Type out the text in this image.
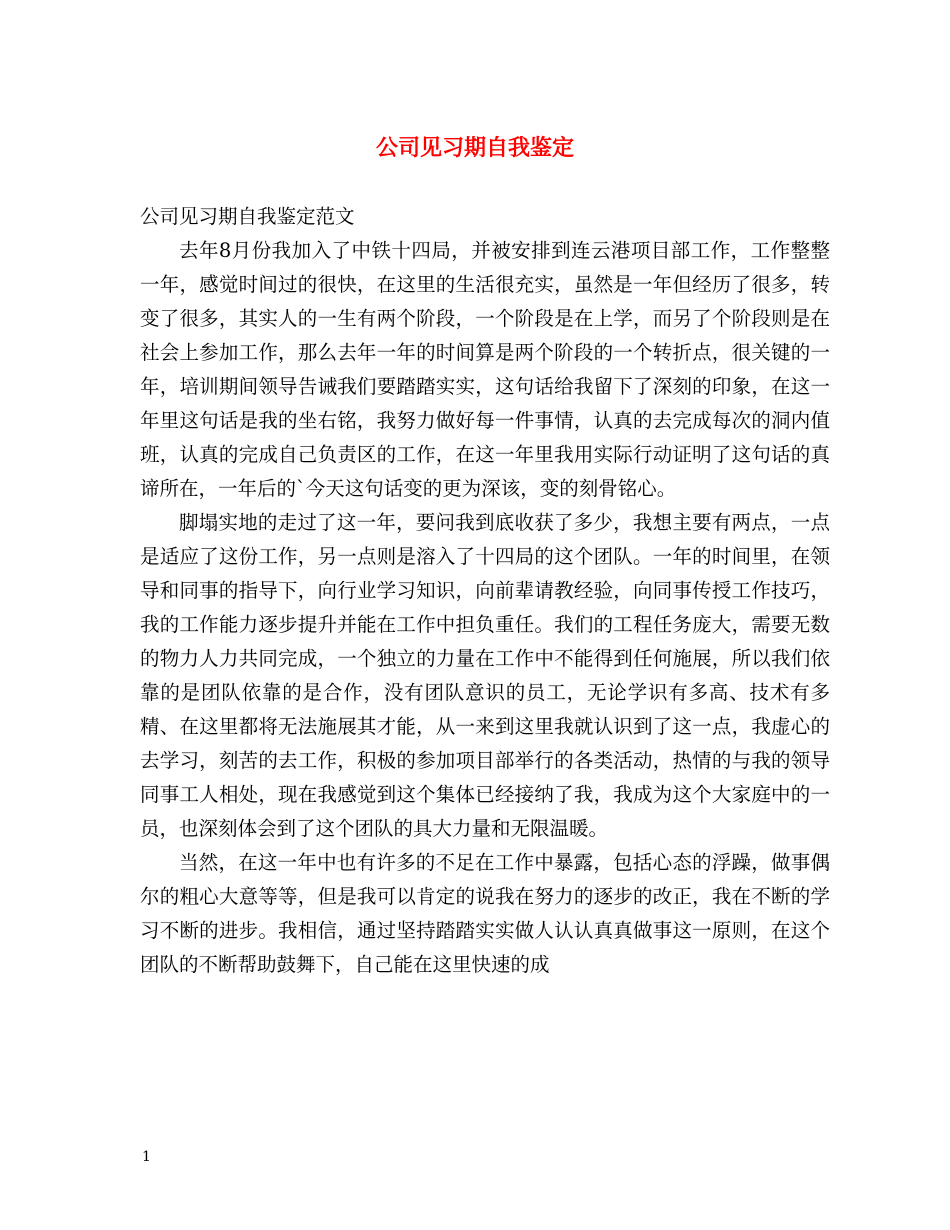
公司见习期自我鉴定

公司见习期自我鉴定范文

去年8月份我加入了中铁十四局，并被安排到连云港项目部工作，工作整整一年，感觉时间过的很快，在这里的生活很充实，虽然是一年但经历了很多，转变了很多，其实人的一生有两个阶段，一个阶段是在上学，而另了个阶段则是在社会上参加工作，那么去年一年的时间算是两个阶段的一个转折点，很关键的一年，培训期间领导告诫我们要踏踏实实，这句话给我留下了深刻的印象，在这一年里这句话是我的坐右铭，我努力做好每一件事情，认真的去完成每次的洞内值班，认真的完成自己负责区的工作，在这一年里我用实际行动证明了这句话的真谛所在，一年后的`今天这句话变的更为深该，变的刻骨铭心。

脚塌实地的走过了这一年，要问我到底收获了多少，我想主要有两点，一点是适应了这份工作，另一点则是溶入了十四局的这个团队。一年的时间里，在领导和同事的指导下，向行业学习知识，向前辈请教经验，向同事传授工作技巧，我的工作能力逐步提升并能在工作中担负重任。我们的工程任务庞大，需要无数的物力人力共同完成，一个独立的力量在工作中不能得到任何施展，所以我们依靠的是团队依靠的是合作，没有团队意识的员工，无论学识有多高、技术有多精、在这里都将无法施展其才能，从一来到这里我就认识到了这一点，我虚心的去学习，刻苦的去工作，积极的参加项目部举行的各类活动，热情的与我的领导同事工人相处，现在我感觉到这个集体已经接纳了我，我成为这个大家庭中的一员，也深刻体会到了这个团队的具大力量和无限温暖。

当然，在这一年中也有许多的不足在工作中暴露，包括心态的浮躁，做事偶尔的粗心大意等等，但是我可以肯定的说我在努力的逐步的改正，我在不断的学习不断的进步。我相信，通过坚持踏踏实实做人认认真真做事这一原则，在这个团队的不断帮助鼓舞下，自己能在这里快速的成

1
